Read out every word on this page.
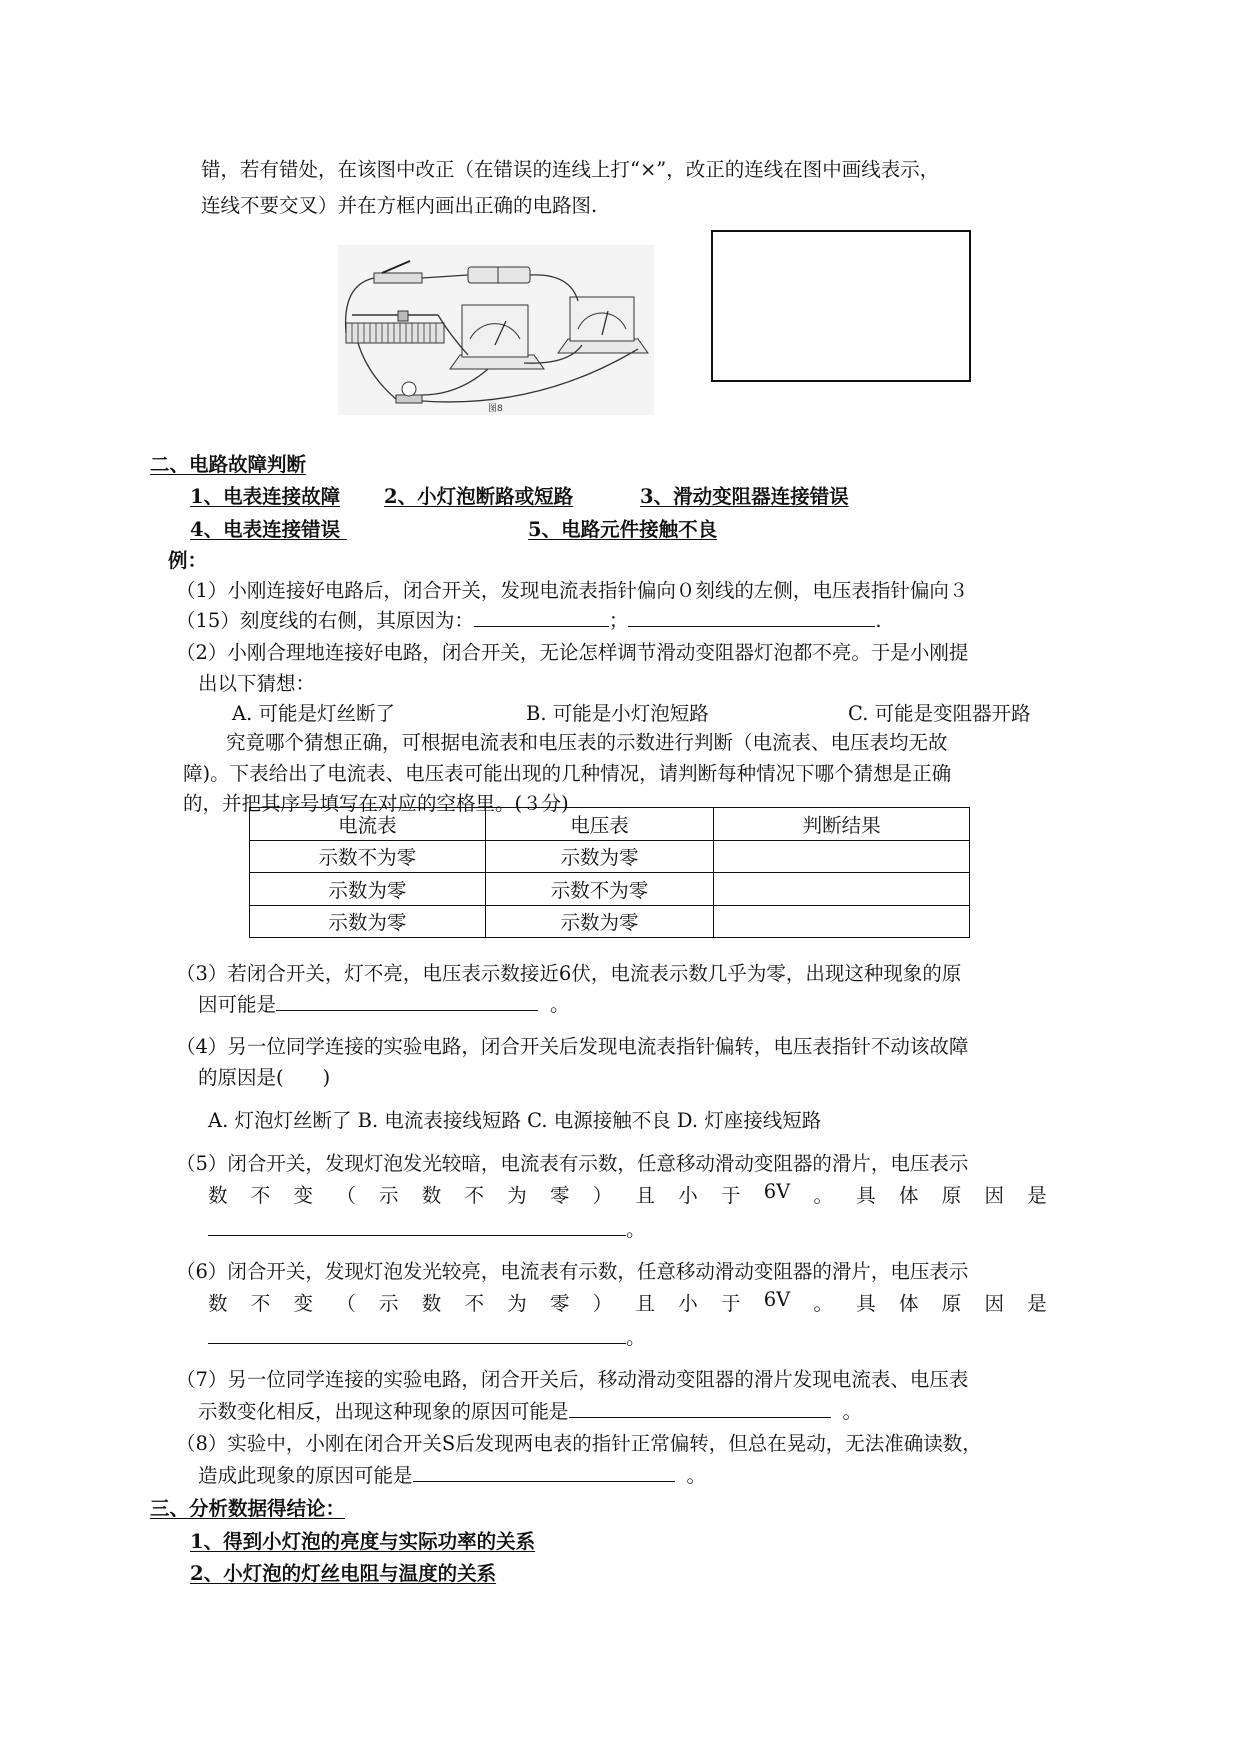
错，若有错处，在该图中改正（在错误的连线上打“×”，改正的连线在图中画线表示，
连线不要交叉）并在方框内画出正确的电路图.
图8
二、电路故障判断
1、电表连接故障 2、小灯泡断路或短路	3、滑动变阻器连接错误
4、电表连接错误	5、电路元件接触不良
例：
（1）小刚连接好电路后，闭合开关，发现电流表指针偏向０刻线的左侧，电压表指针偏向３
（15）刻度线的右侧，其原因为：	；	.
（2）小刚合理地连接好电路，闭合开关，无论怎样调节滑动变阻器灯泡都不亮。于是小刚提
出以下猜想：
A. 可能是灯丝断了	B. 可能是小灯泡短路	C. 可能是变阻器开路
究竟哪个猜想正确，可根据电流表和电压表的示数进行判断（电流表、电压表均无故
障)。下表给出了电流表、电压表可能出现的几种情况，请判断每种情况下哪个猜想是正确
的，并把其序号填写在对应的空格里。(３分)
电流表	电压表	判断结果
示数不为零	示数为零	
示数为零	示数不为零	
示数为零	示数为零	
（3）若闭合开关，灯不亮，电压表示数接近6伏，电流表示数几乎为零，出现这种现象的原
因可能是	。
（4）另一位同学连接的实验电路，闭合开关后发现电流表指针偏转，电压表指针不动该故障
的原因是(　　)
A. 灯泡灯丝断了 B. 电流表接线短路 C. 电源接触不良 D. 灯座接线短路
（5）闭合开关，发现灯泡发光较暗，电流表有示数，任意移动滑动变阻器的滑片，电压表示
数 不 变 （ 示 数 不 为 零 ） 且 小 于 6V 。 具 体 原 因 是
。
（6）闭合开关，发现灯泡发光较亮，电流表有示数，任意移动滑动变阻器的滑片，电压表示
数 不 变 （ 示 数 不 为 零 ） 且 小 于 6V 。 具 体 原 因 是
。
（7）另一位同学连接的实验电路，闭合开关后，移动滑动变阻器的滑片发现电流表、电压表
示数变化相反，出现这种现象的原因可能是	。
（8）实验中，小刚在闭合开关S后发现两电表的指针正常偏转，但总在晃动，无法准确读数，
造成此现象的原因可能是	。
三、分析数据得结论：
1、得到小灯泡的亮度与实际功率的关系
2、小灯泡的灯丝电阻与温度的关系
